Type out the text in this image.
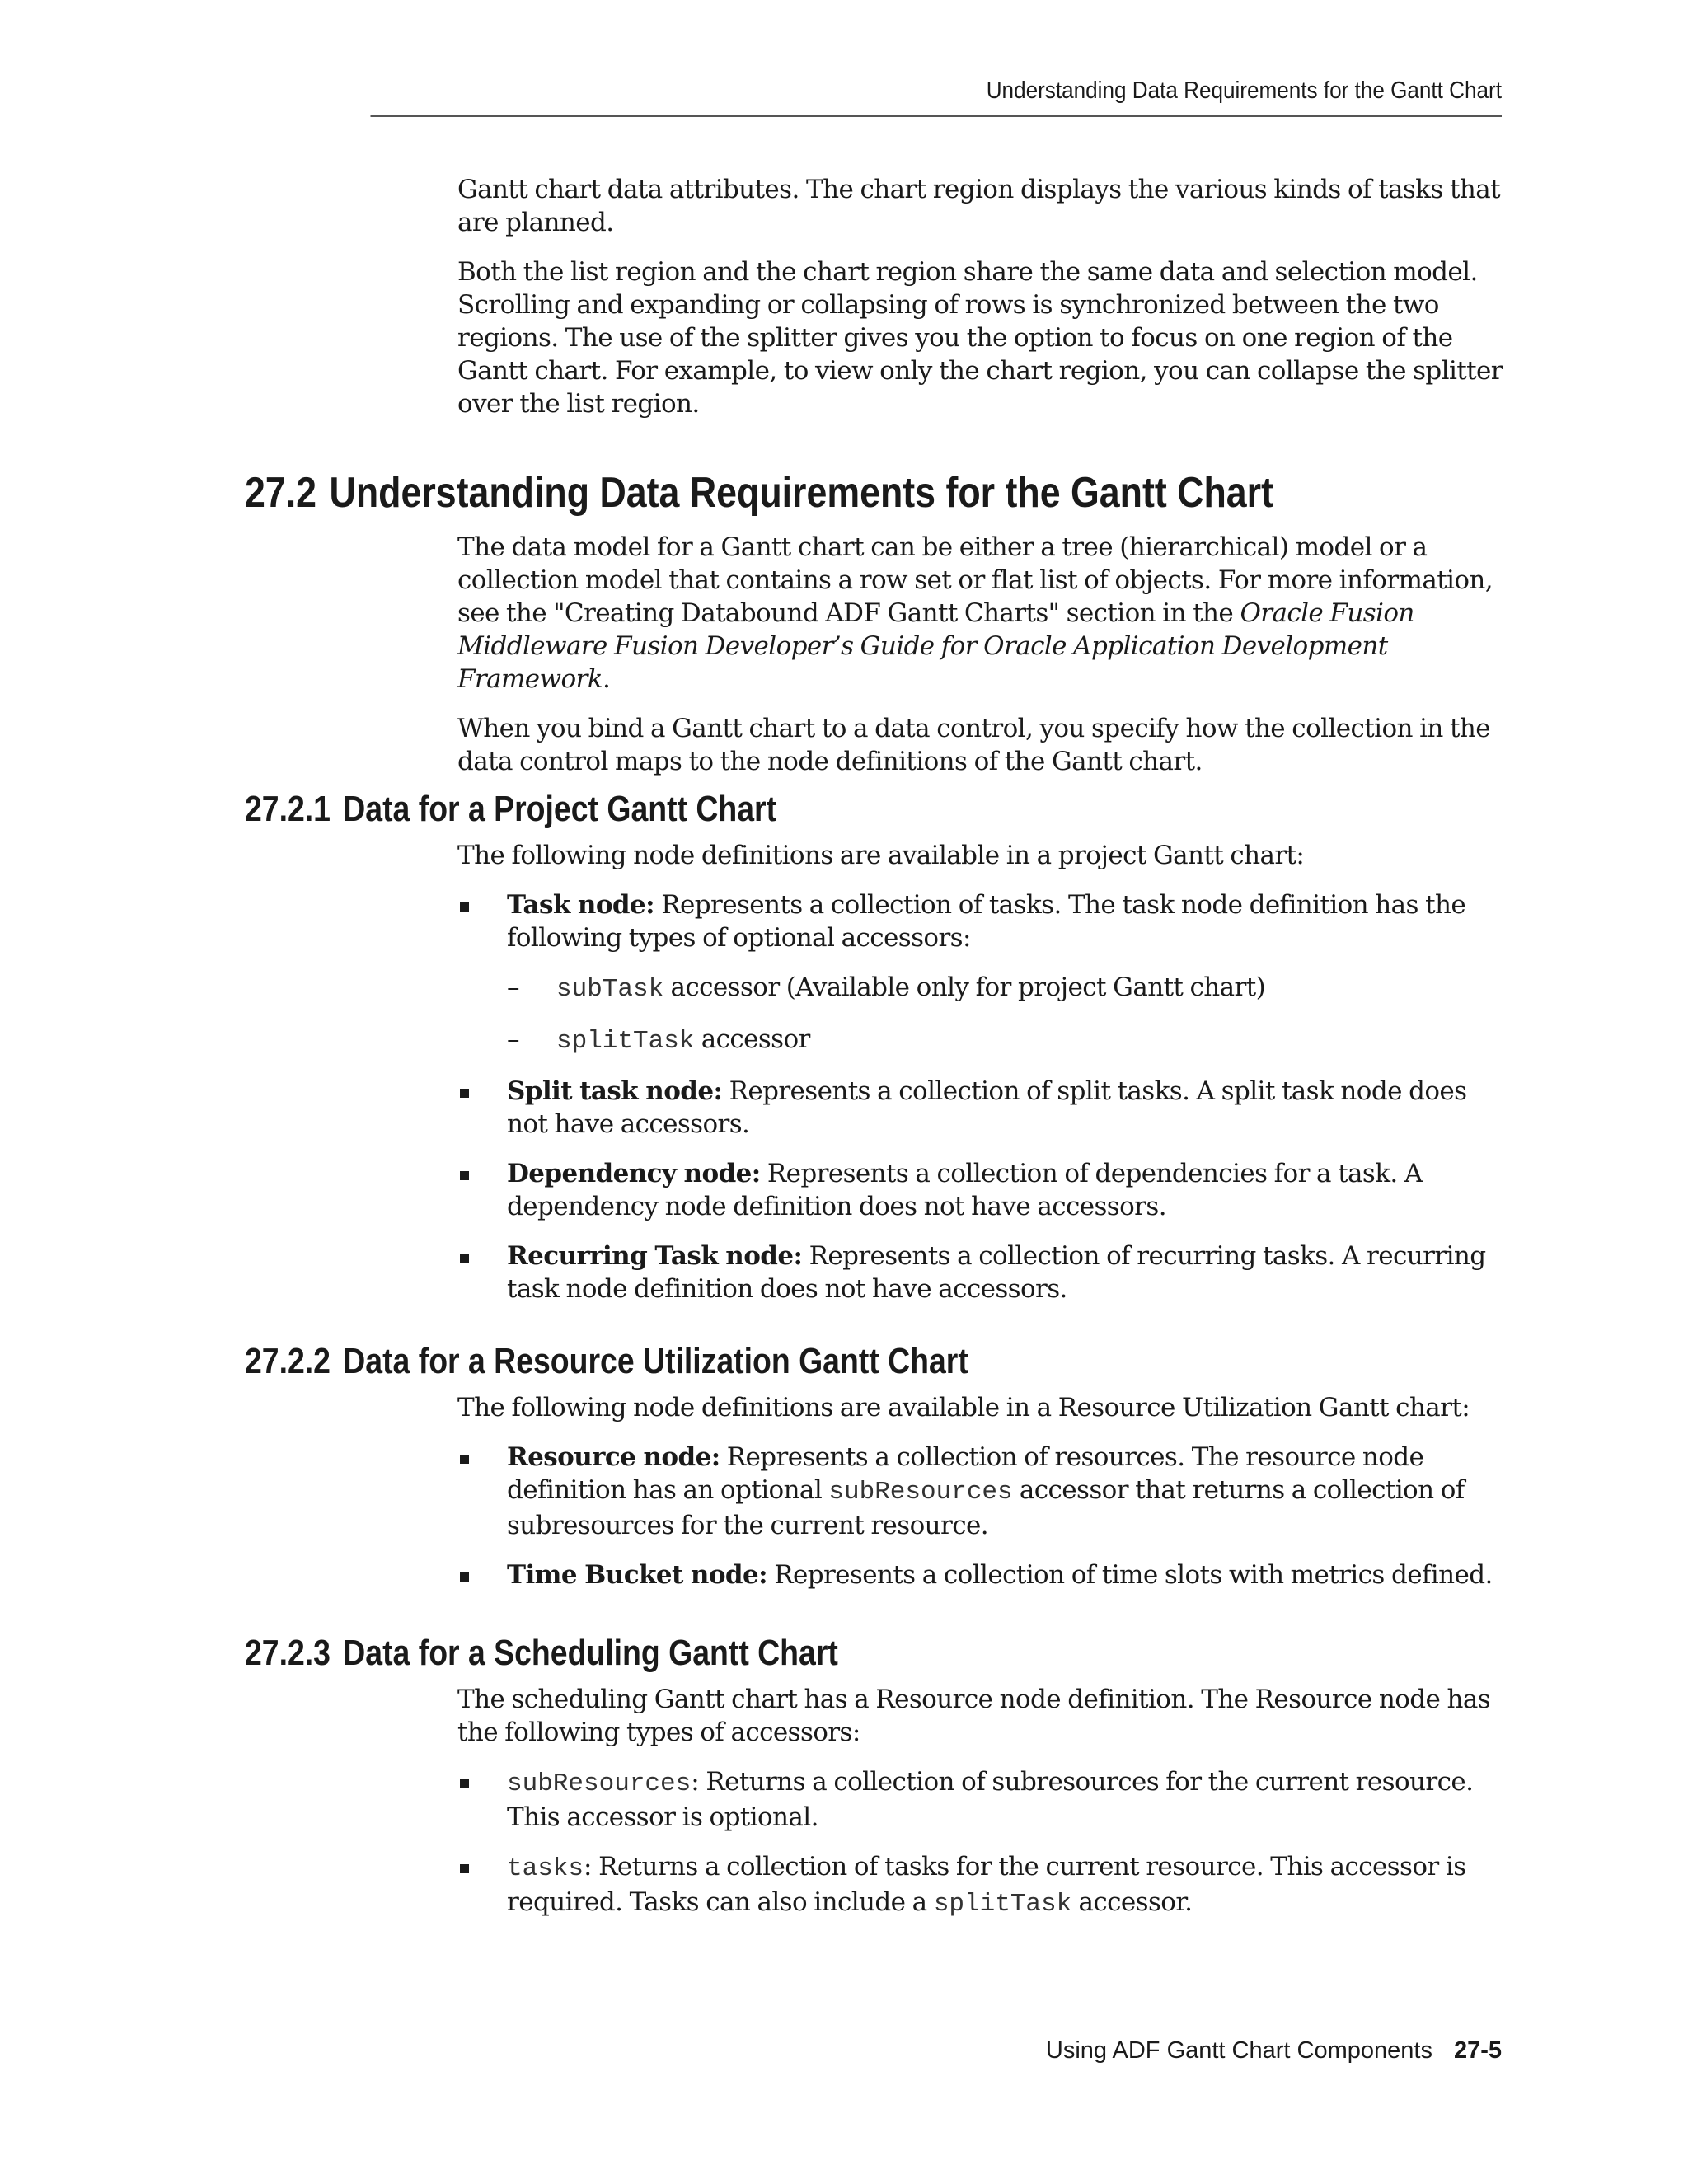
Understanding Data Requirements for the Gantt Chart

Gantt chart data attributes. The chart region displays the various kinds of tasks that are planned.

Both the list region and the chart region share the same data and selection model. Scrolling and expanding or collapsing of rows is synchronized between the two regions. The use of the splitter gives you the option to focus on one region of the Gantt chart. For example, to view only the chart region, you can collapse the splitter over the list region.

27.2 Understanding Data Requirements for the Gantt Chart

The data model for a Gantt chart can be either a tree (hierarchical) model or a collection model that contains a row set or flat list of objects. For more information, see the "Creating Databound ADF Gantt Charts" section in the Oracle Fusion Middleware Fusion Developer’s Guide for Oracle Application Development Framework.

When you bind a Gantt chart to a data control, you specify how the collection in the data control maps to the node definitions of the Gantt chart.

27.2.1 Data for a Project Gantt Chart

The following node definitions are available in a project Gantt chart:

Task node: Represents a collection of tasks. The task node definition has the following types of optional accessors:
– subTask accessor (Available only for project Gantt chart)
– splitTask accessor
Split task node: Represents a collection of split tasks. A split task node does not have accessors.
Dependency node: Represents a collection of dependencies for a task. A dependency node definition does not have accessors.
Recurring Task node: Represents a collection of recurring tasks. A recurring task node definition does not have accessors.
27.2.2 Data for a Resource Utilization Gantt Chart

The following node definitions are available in a Resource Utilization Gantt chart:

Resource node: Represents a collection of resources. The resource node definition has an optional subResources accessor that returns a collection of subresources for the current resource.
Time Bucket node: Represents a collection of time slots with metrics defined.
27.2.3 Data for a Scheduling Gantt Chart

The scheduling Gantt chart has a Resource node definition. The Resource node has the following types of accessors:

subResources: Returns a collection of subresources for the current resource. This accessor is optional.
tasks: Returns a collection of tasks for the current resource. This accessor is required. Tasks can also include a splitTask accessor.
Using ADF Gantt Chart Components 27-5
